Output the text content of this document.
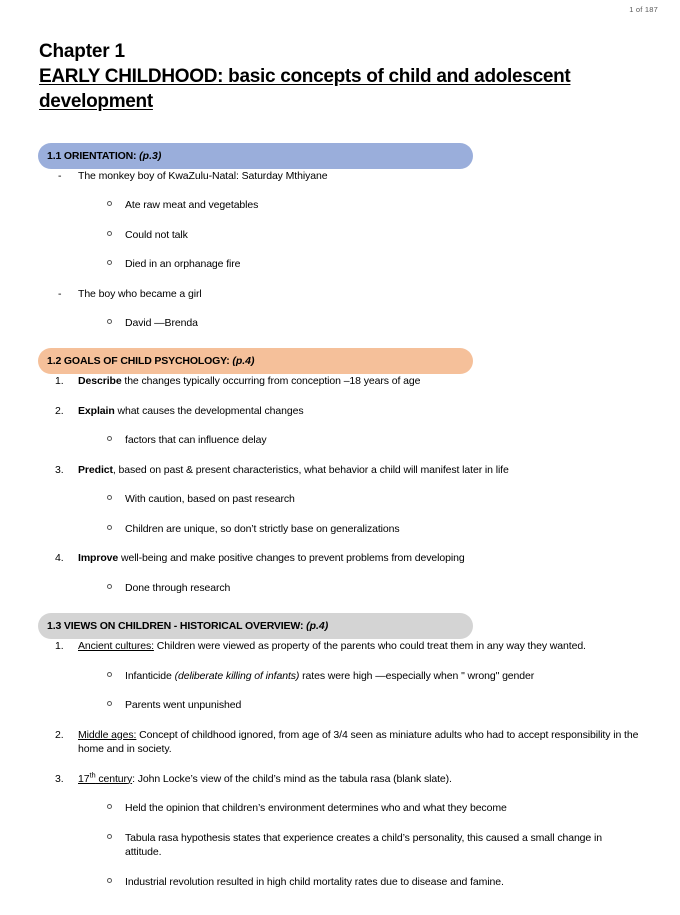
1 of 187
Chapter 1
EARLY CHILDHOOD: basic concepts of child and adolescent development
1.1 ORIENTATION: (p.3)
- The monkey boy of KwaZulu-Natal: Saturday Mthiyane
Ate raw meat and vegetables
Could not talk
Died in an orphanage fire
- The boy who became a girl
David —Brenda
1.2 GOALS OF CHILD PSYCHOLOGY: (p.4)
1. Describe the changes typically occurring from conception –18 years of age
2. Explain what causes the developmental changes
factors that can influence delay
3. Predict, based on past & present characteristics, what behavior a child will manifest later in life
With caution, based on past research
Children are unique, so don’t strictly base on generalizations
4. Improve well-being and make positive changes to prevent problems from developing
Done through research
1.3 VIEWS ON CHILDREN - HISTORICAL OVERVIEW: (p.4)
1. Ancient cultures: Children were viewed as property of the parents who could treat them in any way they wanted.
Infanticide (deliberate killing of infants) rates were high —especially when " wrong" gender
Parents went unpunished
2. Middle ages: Concept of childhood ignored, from age of 3/4 seen as miniature adults who had to accept responsibility in the home and in society.
3. 17th century: John Locke’s view of the child’s mind as the tabula rasa (blank slate).
Held the opinion that children’s environment determines who and what they become
Tabula rasa hypothesis states that experience creates a child’s personality, this caused a small change in attitude.
Industrial revolution resulted in high child mortality rates due to disease and famine.
